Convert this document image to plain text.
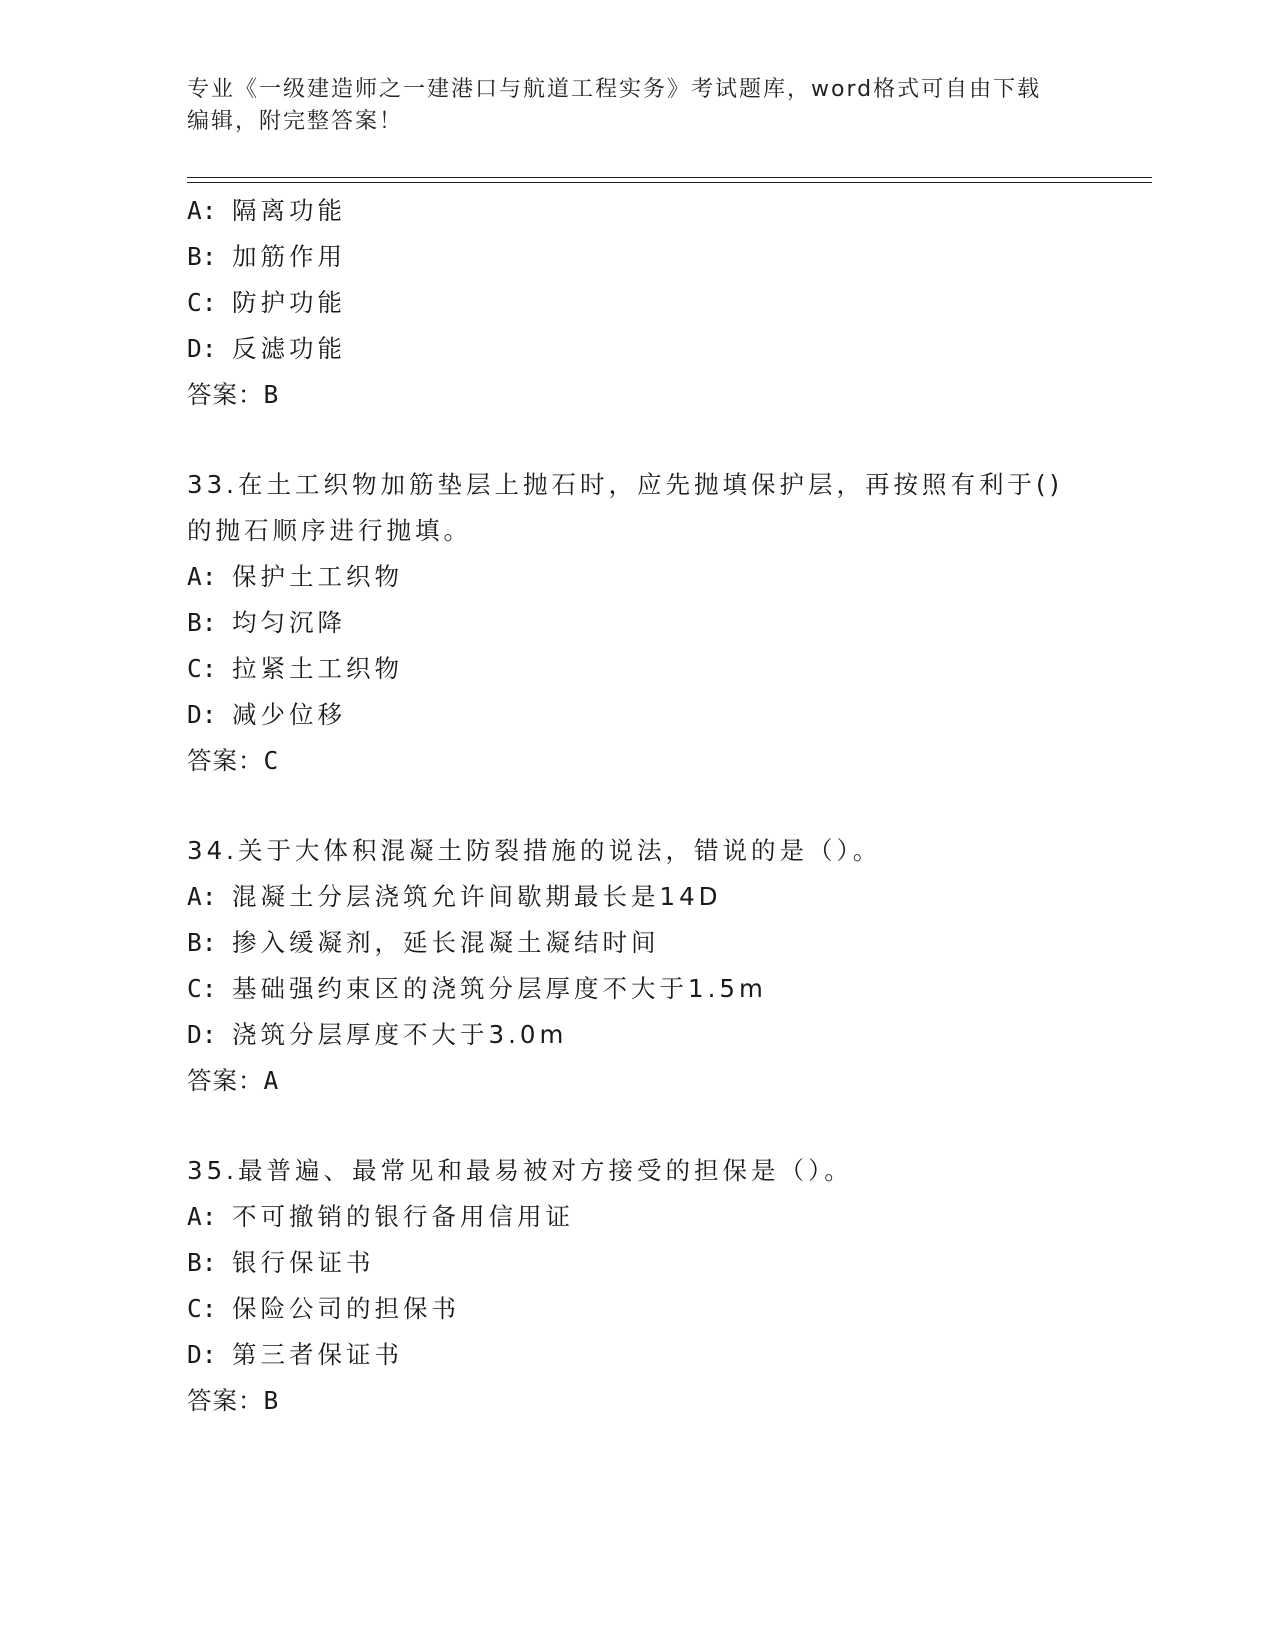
专业《一级建造师之一建港口与航道工程实务》考试题库，word格式可自由下载
编辑，附完整答案！
A: 隔离功能
B: 加筋作用
C: 防护功能
D: 反滤功能
答案：B
33.在土工织物加筋垫层上抛石时，应先抛填保护层，再按照有利于()
的抛石顺序进行抛填。
A: 保护土工织物
B: 均匀沉降
C: 拉紧土工织物
D: 减少位移
答案：C
34.关于大体积混凝土防裂措施的说法，错说的是（）。
A: 混凝土分层浇筑允许间歇期最长是14D
B: 掺入缓凝剂，延长混凝土凝结时间
C: 基础强约束区的浇筑分层厚度不大于1.5m
D: 浇筑分层厚度不大于3.0m
答案：A
35.最普遍、最常见和最易被对方接受的担保是（）。
A: 不可撤销的银行备用信用证
B: 银行保证书
C: 保险公司的担保书
D: 第三者保证书
答案：B
